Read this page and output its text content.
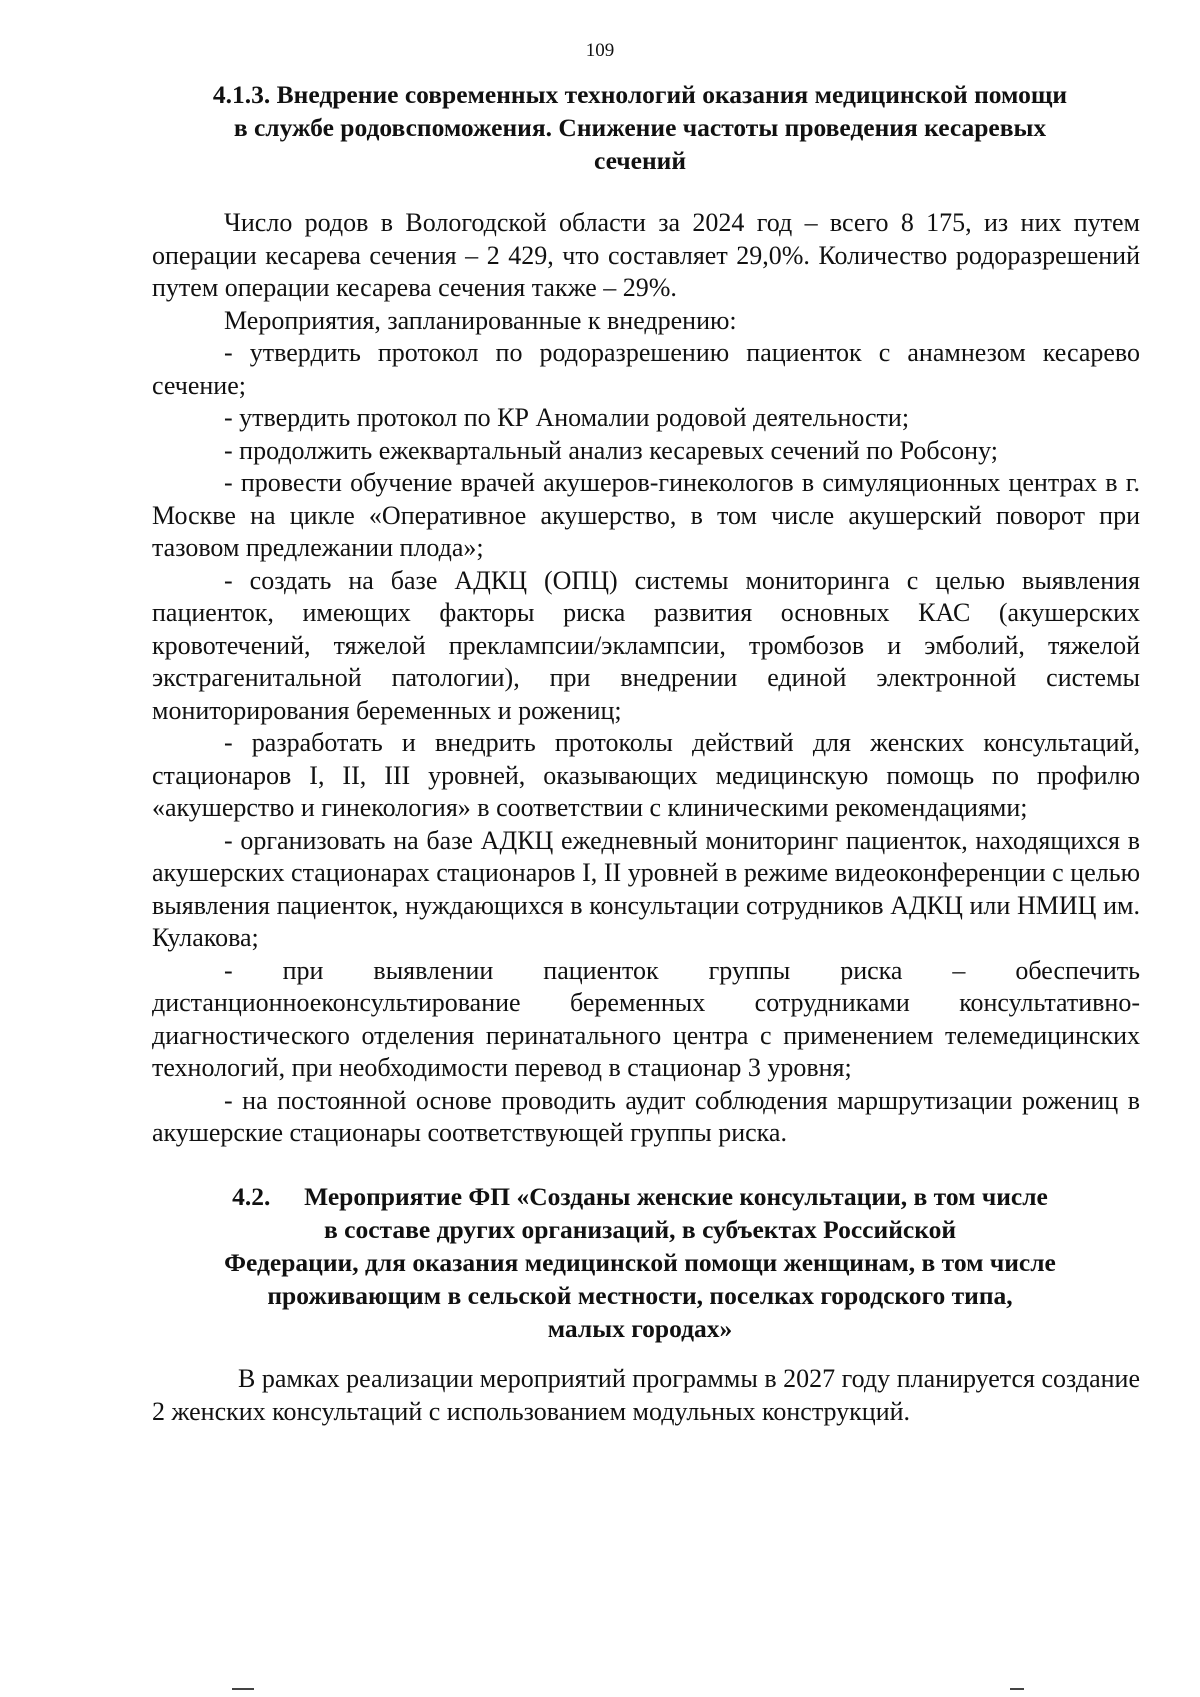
109
4.1.3. Внедрение современных технологий оказания медицинской помощи
в службе родовспоможения. Снижение частоты проведения кесаревых
сечений

Число родов в Вологодской области за 2024 год – всего 8 175, из них путем операции кесарева сечения – 2 429, что составляет 29,0%. Количество родоразрешений путем операции кесарева сечения также – 29%.

Мероприятия, запланированные к внедрению:

- утвердить протокол по родоразрешению пациенток с анамнезом кесарево сечение;

- утвердить протокол по КР Аномалии родовой деятельности;

- продолжить ежеквартальный анализ кесаревых сечений по Робсону;

- провести обучение врачей акушеров-гинекологов в симуляционных центрах в г. Москве на цикле «Оперативное акушерство, в том числе акушерский поворот при тазовом предлежании плода»;

- создать на базе АДКЦ (ОПЦ) системы мониторинга с целью выявления пациенток, имеющих факторы риска развития основных КАС (акушерских кровотечений, тяжелой преклампсии/эклампсии, тромбозов и эмболий, тяжелой экстрагенитальной патологии), при внедрении единой электронной системы мониторирования беременных и рожениц;

- разработать и внедрить протоколы действий для женских консультаций, стационаров I, II, III уровней, оказывающих медицинскую помощь по профилю «акушерство и гинекология» в соответствии с клиническими рекомендациями;

- организовать на базе АДКЦ ежедневный мониторинг пациенток, находящихся в акушерских стационарах стационаров I, II уровней в режиме видеоконференции с целью выявления пациенток, нуждающихся в консультации сотрудников АДКЦ или НМИЦ им. Кулакова;

- при выявлении пациенток группы риска – обеспечить дистанционноеконсультирование беременных сотрудниками консультативно-диагностического отделения перинатального центра с применением телемедицинских технологий, при необходимости перевод в стационар 3 уровня;

- на постоянной основе проводить аудит соблюдения маршрутизации рожениц в акушерские стационары соответствующей группы риска.

4.2. Мероприятие ФП «Созданы женские консультации, в том числе
в составе других организаций, в субъектах Российской
Федерации, для оказания медицинской помощи женщинам, в том числе
проживающим в сельской местности, поселках городского типа,
малых городах»

В рамках реализации мероприятий программы в 2027 году планируется создание 2 женских консультаций с использованием модульных конструкций.
